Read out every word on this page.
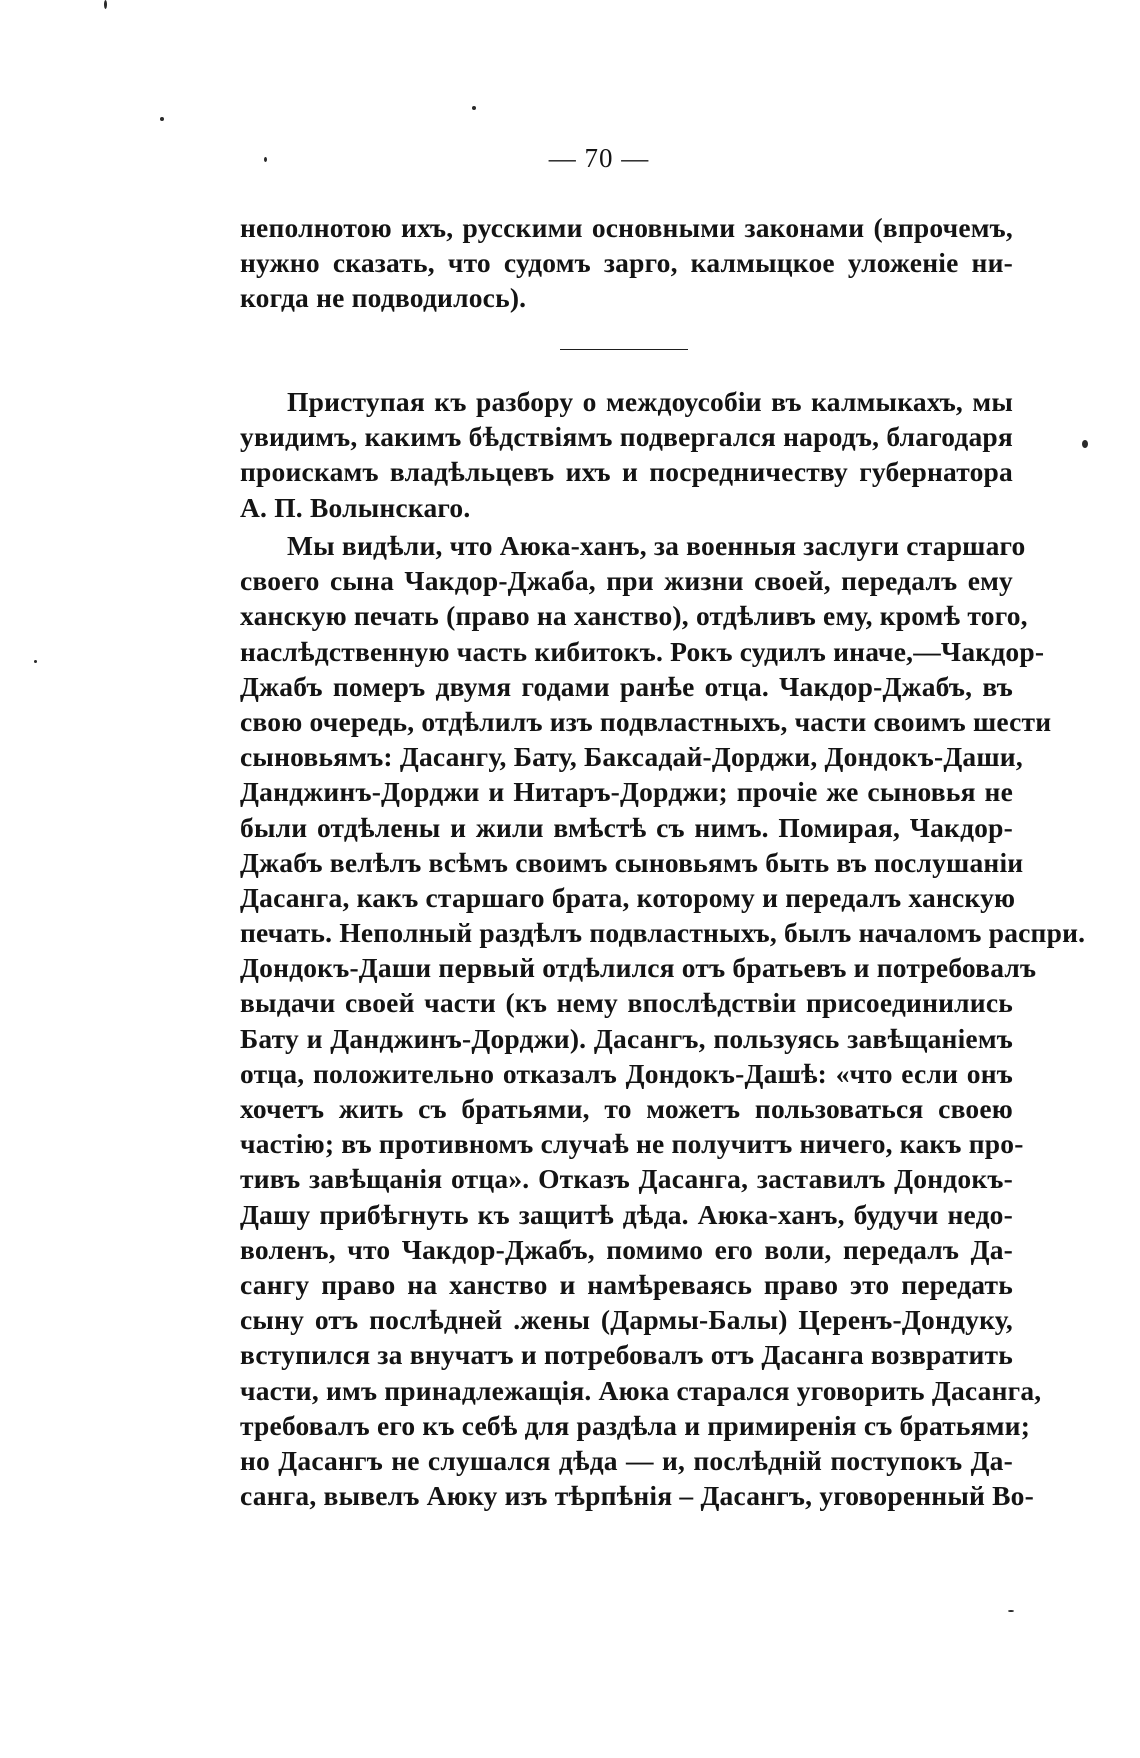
— 70 —
неполнотою ихъ, русскими основными законами (впрочемъ,
нужно сказать, что судомъ зарго, калмыцкое уложеніе ни-
когда не подводилось).
Приступая къ разбору о междоусобіи въ калмыкахъ, мы
увидимъ, какимъ бѣдствіямъ подвергался народъ, благодаря
проискамъ владѣльцевъ ихъ и посредничеству губернатора
А. П. Волынскаго.
Мы видѣли, что Аюка-ханъ, за военныя заслуги старшаго
своего сына Чакдор-Джаба, при жизни своей, передалъ ему
ханскую печать (право на ханство), отдѣливъ ему, кромѣ того,
наслѣдственную часть кибитокъ. Рокъ судилъ иначе,—Чакдор-
Джабъ померъ двумя годами ранѣе отца. Чакдор-Джабъ, въ
свою очередь, отдѣлилъ изъ подвластныхъ, части своимъ шести
сыновьямъ: Дасангу, Бату, Баксадай-Дорджи, Дондокъ-Даши,
Данджинъ-Дорджи и Нитаръ-Дорджи; прочіе же сыновья не
были отдѣлены и жили вмѣстѣ съ нимъ. Помирая, Чакдор-
Джабъ велѣлъ всѣмъ своимъ сыновьямъ быть въ послушаніи
Дасанга, какъ старшаго брата, которому и передалъ ханскую
печать. Неполный раздѣлъ подвластныхъ, былъ началомъ распри.
Дондокъ-Даши первый отдѣлился отъ братьевъ и потребовалъ
выдачи своей части (къ нему впослѣдствіи присоединились
Бату и Данджинъ-Дорджи). Дасангъ, пользуясь завѣщаніемъ
отца, положительно отказалъ Дондокъ-Дашѣ: «что если онъ
хочетъ жить съ братьями, то можетъ пользоваться своею
частію; въ противномъ случаѣ не получитъ ничего, какъ про-
тивъ завѣщанія отца». Отказъ Дасанга, заставилъ Дондокъ-
Дашу прибѣгнуть къ защитѣ дѣда. Аюка-ханъ, будучи недо-
воленъ, что Чакдор-Джабъ, помимо его воли, передалъ Да-
сангу право на ханство и намѣреваясь право это передать
сыну отъ послѣдней .жены (Дармы-Балы) Церенъ-Дондуку,
вступился за внучатъ и потребовалъ отъ Дасанга возвратить
части, имъ принадлежащія. Аюка старался уговорить Дасанга,
требовалъ его къ себѣ для раздѣла и примиренія съ братьями;
но Дасангъ не слушался дѣда — и, послѣдній поступокъ Да-
санга, вывелъ Аюку изъ тѣрпѣнія – Дасангъ, уговоренный Во-
